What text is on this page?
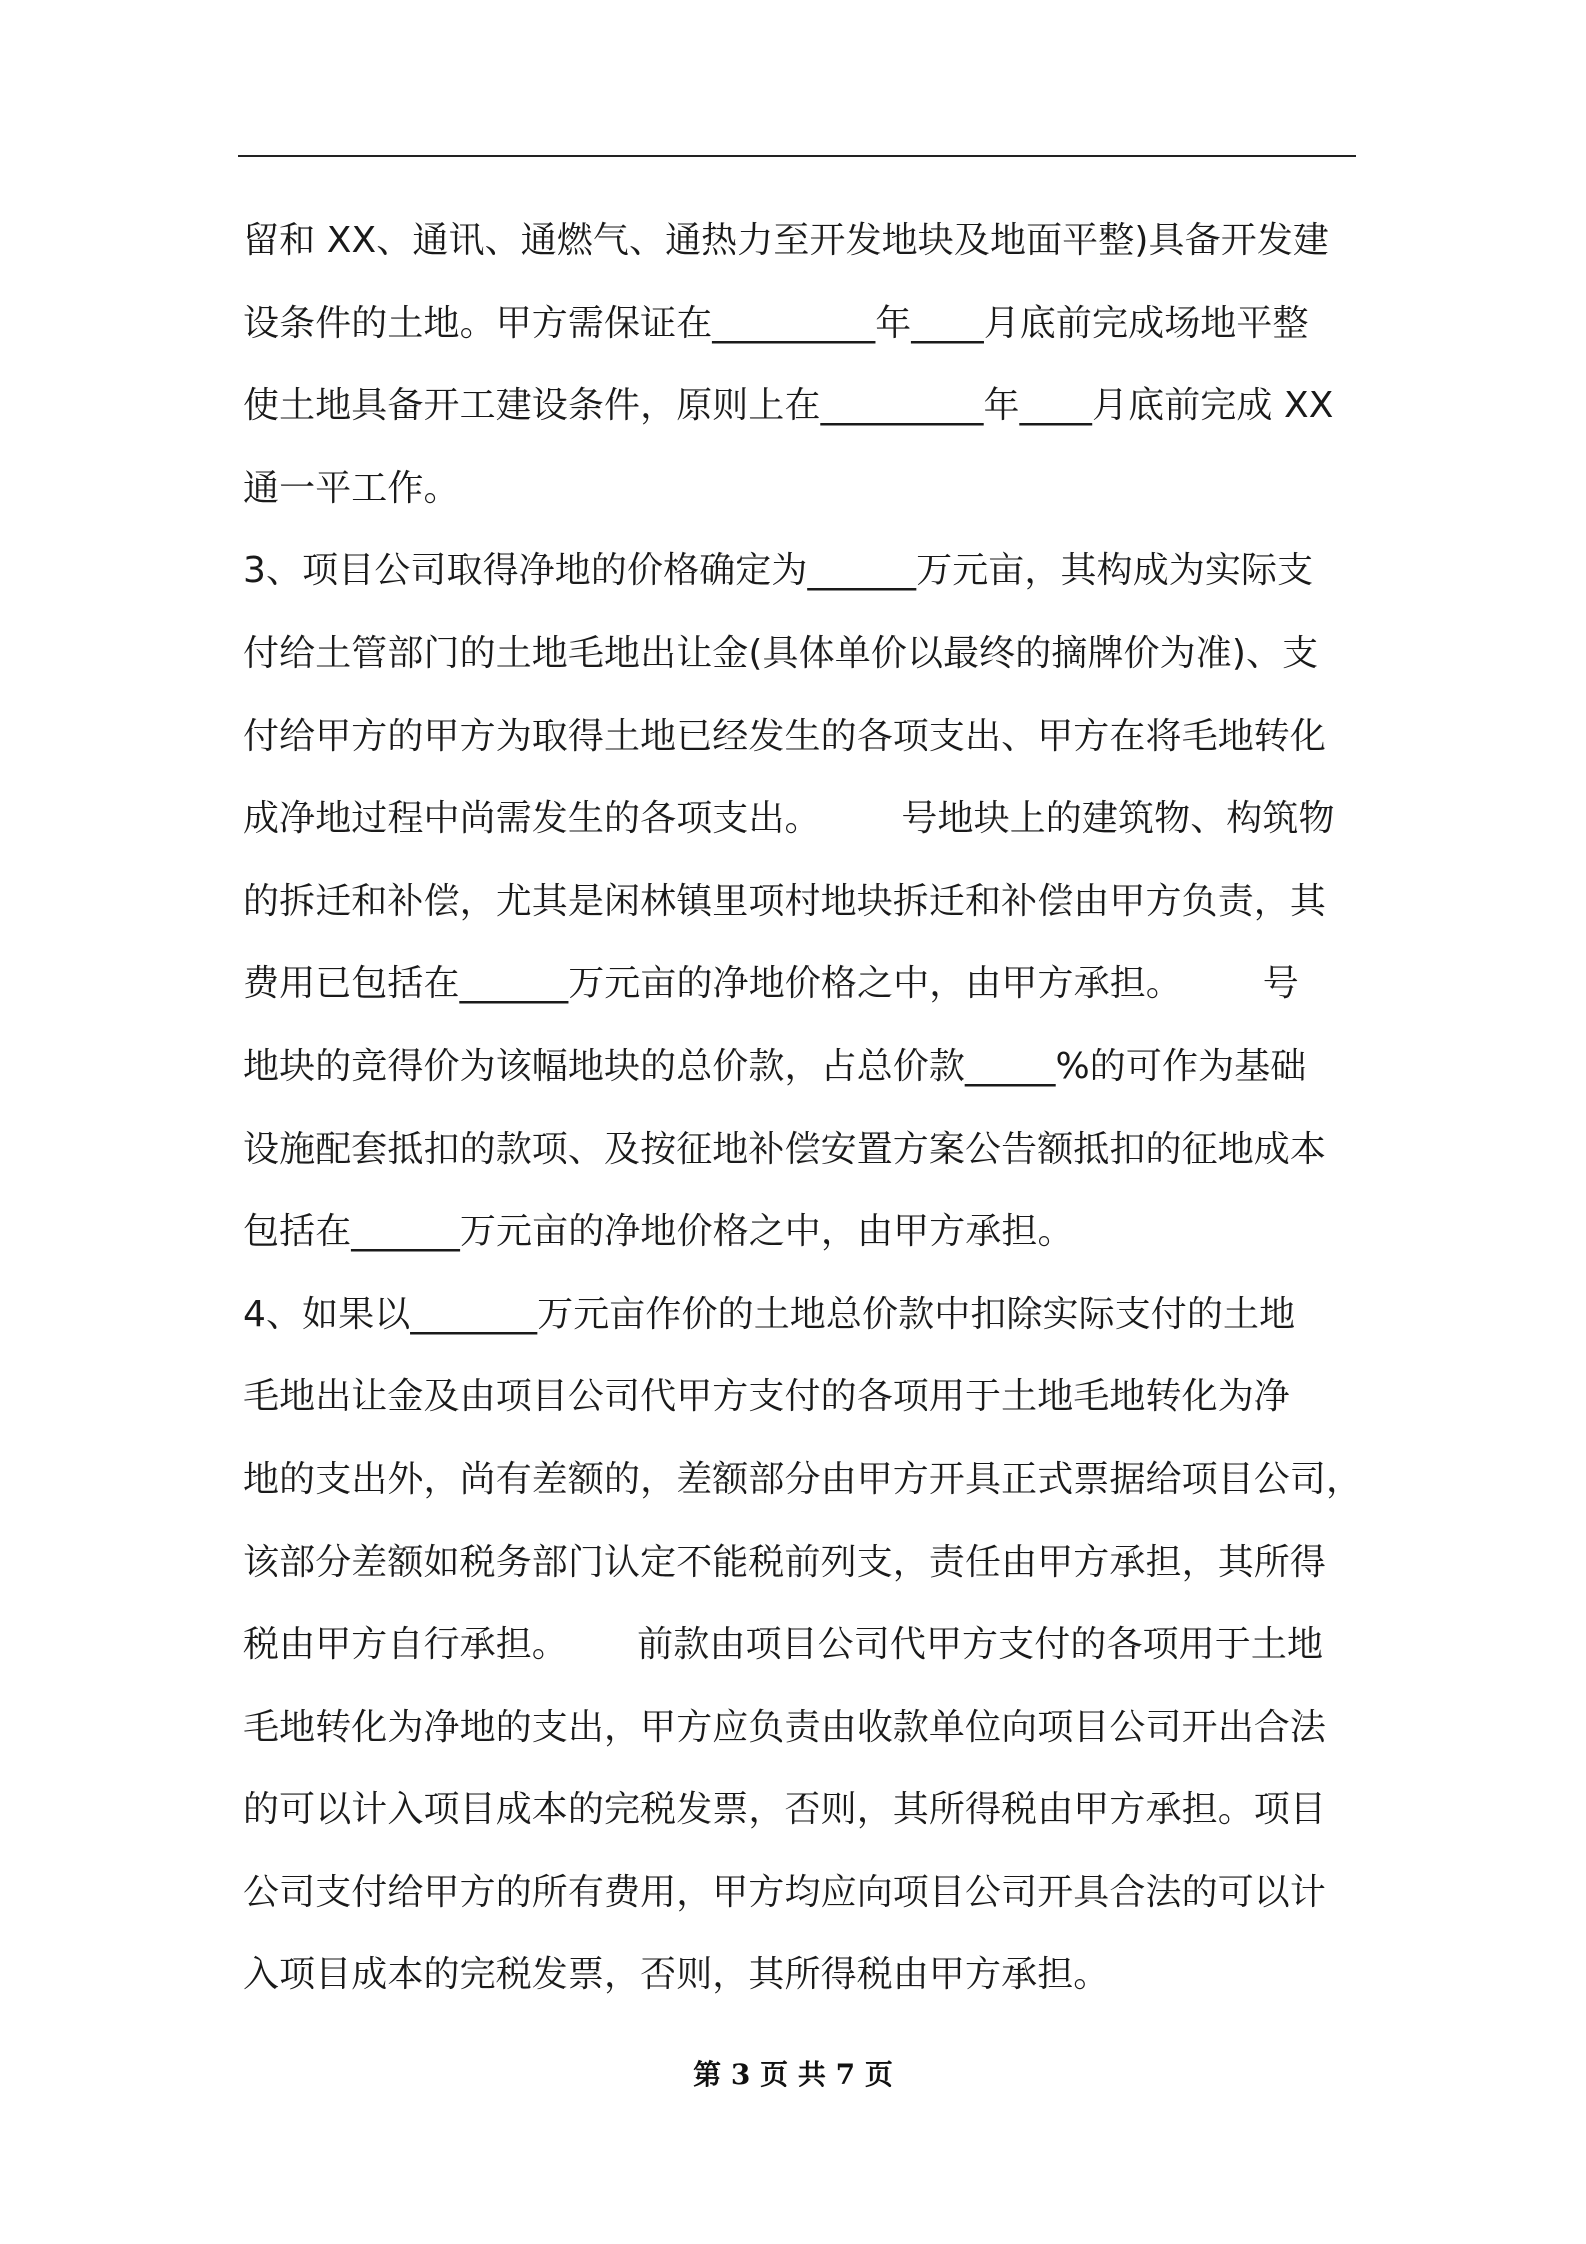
留和 XX、通讯、通燃气、通热力至开发地块及地面平整)具备开发建
设条件的土地。甲方需保证在_________年____月底前完成场地平整
使土地具备开工建设条件，原则上在_________年____月底前完成 XX
通一平工作。
3、项目公司取得净地的价格确定为______万元亩，其构成为实际支
付给土管部门的土地毛地出让金(具体单价以最终的摘牌价为准)、支
付给甲方的甲方为取得土地已经发生的各项支出、甲方在将毛地转化
成净地过程中尚需发生的各项支出。       号地块上的建筑物、构筑物
的拆迁和补偿，尤其是闲林镇里项村地块拆迁和补偿由甲方负责，其
费用已包括在______万元亩的净地价格之中，由甲方承担。       号
地块的竞得价为该幅地块的总价款，占总价款_____%的可作为基础
设施配套抵扣的款项、及按征地补偿安置方案公告额抵扣的征地成本
包括在______万元亩的净地价格之中，由甲方承担。
4、如果以_______万元亩作价的土地总价款中扣除实际支付的土地
毛地出让金及由项目公司代甲方支付的各项用于土地毛地转化为净
地的支出外，尚有差额的，差额部分由甲方开具正式票据给项目公司，
该部分差额如税务部门认定不能税前列支，责任由甲方承担，其所得
税由甲方自行承担。      前款由项目公司代甲方支付的各项用于土地
毛地转化为净地的支出，甲方应负责由收款单位向项目公司开出合法
的可以计入项目成本的完税发票，否则，其所得税由甲方承担。项目
公司支付给甲方的所有费用，甲方均应向项目公司开具合法的可以计
入项目成本的完税发票，否则，其所得税由甲方承担。
第 3 页 共 7 页
